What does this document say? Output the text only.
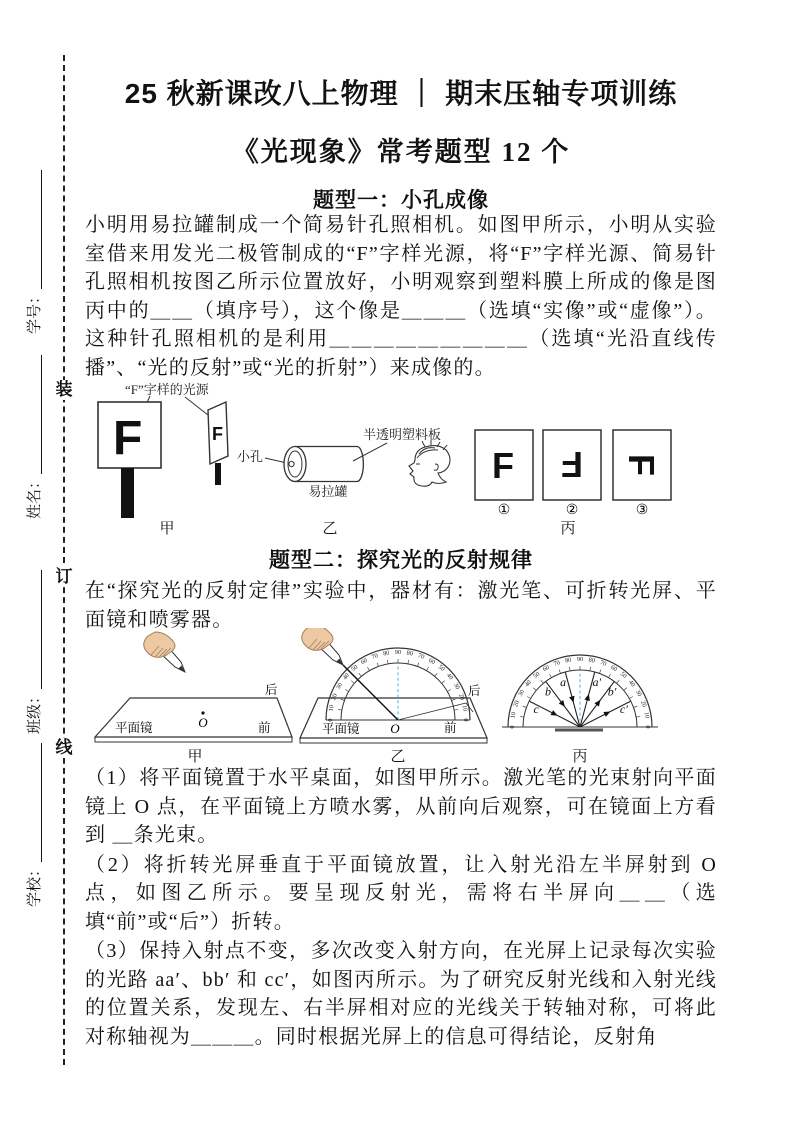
装
订
线
学号：
姓名：
班级：
学校：
25 秋新课改八上物理 ｜ 期末压轴专项训练
《光现象》常考题型 12 个
题型一：小孔成像
小明用易拉罐制成一个简易针孔照相机。如图甲所示，小明从实验室借来用发光二极管制成的“F”字样光源，将“F”字样光源、简易针孔照相机按图乙所示位置放好，小明观察到塑料膜上所成的像是图丙中的＿＿（填序号），这个像是＿＿＿（选填“实像”或“虚像”）。这种针孔照相机的是利用＿＿＿＿＿＿＿＿＿（选填“光沿直线传播”、“光的反射”或“光的折射”）来成像的。
题型二：探究光的反射规律
在“探究光的反射定律”实验中，器材有：激光笔、可折转光屏、平面镜和喷雾器。

（1）将平面镜置于水平桌面，如图甲所示。激光笔的光束射向平面镜上 O 点，在平面镜上方喷水雾，从前向后观察，可在镜面上方看到 ＿条光束。

（2）将折转光屏垂直于平面镜放置，让入射光沿左半屏射到 O 点，如图乙所示。要呈现反射光，需将右半屏向＿＿（选填“前”或“后”）折转。

（3）保持入射点不变，多次改变入射方向，在光屏上记录每次实验的光路 aa′、bb′ 和 cc′，如图丙所示。为了研究反射光线和入射光线的位置关系，发现左、右半屏相对应的光线关于转轴对称，可将此对称轴视为＿＿＿。同时根据光屏上的信息可得结论，反射角

“F”字样的光源
F
甲
F
小孔
易拉罐
乙
半透明塑料板
F F F
①	②	③
丙
O
平面镜
后
前
甲
0
10
20
30
40
50
60
70 80 90 80 70
60
50
40
30
20
10
0
平面镜 O	前
后
乙
0
10
20
30
40
50
60
70 80 90 80 70
60
50
40
30
20
10
0
a
b
c
a′
b′
c′
丙
